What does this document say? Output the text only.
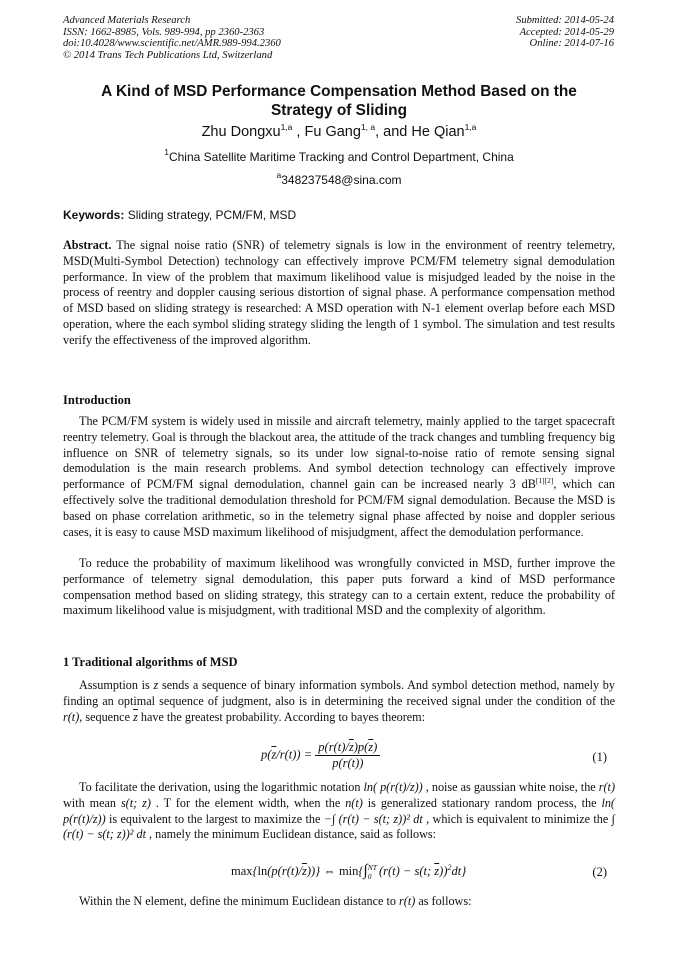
Advanced Materials Research
ISSN: 1662-8985, Vols. 989-994, pp 2360-2363
doi:10.4028/www.scientific.net/AMR.989-994.2360
© 2014 Trans Tech Publications Ltd, Switzerland
Submitted: 2014-05-24
Accepted: 2014-05-29
Online: 2014-07-16
A Kind of MSD Performance Compensation Method Based on the
Strategy of Sliding
Zhu Dongxu$^{1,a}$ , Fu Gang$^{1, a}$, and He Qian$^{1,a}$
$^1$China Satellite Maritime Tracking and Control Department, China
$^a$348237548@sina.com
Keywords: Sliding strategy, PCM/FM, MSD
Abstract. The signal noise ratio (SNR) of telemetry signals is low in the environment of reentry telemetry, MSD(Multi-Symbol Detection) technology can effectively improve PCM/FM telemetry signal demodulation performance. In view of the problem that maximum likelihood value is misjudged leaded by the noise in the process of reentry and doppler causing serious distortion of signal phase. A performance compensation method of MSD based on sliding strategy is researched: A MSD operation with N-1 element overlap before each MSD operation, where the each symbol sliding strategy sliding the length of 1 symbol. The simulation and test results verify the effectiveness of the improved algorithm.
Introduction
The PCM/FM system is widely used in missile and aircraft telemetry, mainly applied to the target spacecraft reentry telemetry. Goal is through the blackout area, the attitude of the track changes and tumbling frequency big influence on SNR of telemetry signals, so its under low signal-to-noise ratio of remote sensing signal demodulation is the main research problems. And symbol detection technology can effectively improve performance of PCM/FM signal demodulation, channel gain can be increased nearly 3 dB[1][2], which can effectively solve the traditional demodulation threshold for PCM/FM signal demodulation. Because the MSD is based on phase correlation arithmetic, so in the telemetry signal phase affected by noise and doppler serious cases, it is easy to cause MSD maximum likelihood of misjudgment, affect the demodulation performance.
To reduce the probability of maximum likelihood was wrongfully convicted in MSD, further improve the performance of telemetry signal demodulation, this paper puts forward a kind of MSD performance compensation method based on sliding strategy, this strategy can to a certain extent, reduce the probability of maximum likelihood value is misjudgment, with traditional MSD and the complexity of algorithm.
1 Traditional algorithms of MSD
Assumption is z sends a sequence of binary information symbols. And symbol detection method, namely by finding an optimal sequence of judgment, also is in determining the received signal under the condition of the r(t), sequence $\overline{z}$ have the greatest probability. According to bayes theorem:
$p(\overline{z}/r(t)) = \frac{p(r(t)/\overline{z})p(\overline{z})}{p(r(t))}$	(1)
To facilitate the derivation, using the logarithmic notation ln( p(r(t)/z)) , noise as gaussian white noise, the r(t) with mean s(t; z) . T for the element width, when the n(t) is generalized stationary random process, the ln( p(r(t)/z)) is equivalent to the largest to maximize the −∫ (r(t) − s(t; z))² dt , which is equivalent to minimize the ∫ (r(t) − s(t; z))² dt , namely the minimum Euclidean distance, said as follows:
$\max\{\ln(p(r(t)/\overline{z}))\}$ ⇔ min{∫NT
0 (r(t) − s(t; $\overline{z}))^2dt$}	(2)
Within the N element, define the minimum Euclidean distance to r(t) as follows:
